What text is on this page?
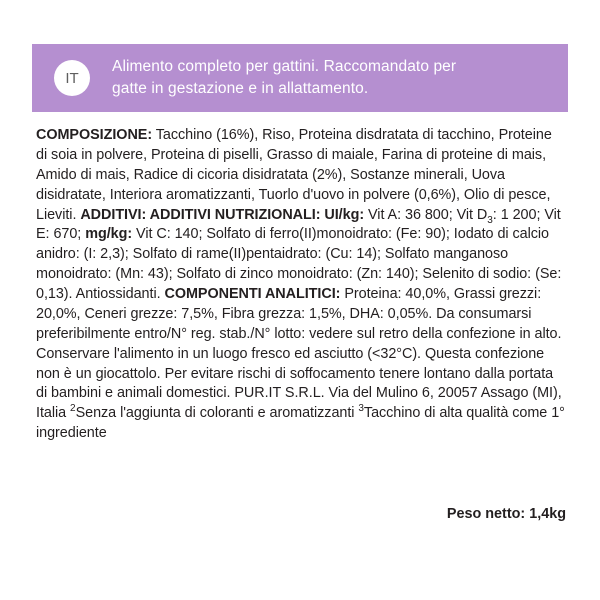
IT
Alimento completo per gattini. Raccomandato per
gatte in gestazione e in allattamento.
COMPOSIZIONE: Tacchino (16%), Riso, Proteina disdratata di tacchino, Proteine di soia in polvere, Proteina di piselli, Grasso di maiale, Farina di proteine di mais, Amido di mais, Radice di cicoria disidratata (2%), Sostanze minerali, Uova disidratate, Interiora aromatizzanti, Tuorlo d'uovo in polvere (0,6%), Olio di pesce, Lieviti. ADDITIVI: ADDITIVI NUTRIZIONALI: UI/kg: Vit A: 36 800; Vit $D_3$: 1 200; Vit E: 670; mg/kg: Vit C: 140; Solfato di ferro(II)monoidrato: (Fe: 90); Iodato di calcio anidro: (I: 2,3); Solfato di rame(II)pentaidrato: (Cu: 14); Solfato manganoso monoidrato: (Mn: 43); Solfato di zinco monoidrato: (Zn: 140); Selenito di sodio: (Se: 0,13). Antiossidanti. COMPONENTI ANALITICI: Proteina: 40,0%, Grassi grezzi: 20,0%, Ceneri grezze: 7,5%, Fibra grezza: 1,5%, DHA: 0,05%. Da consumarsi preferibilmente entro/N° reg. stab./N° lotto: vedere sul retro della confezione in alto. Conservare l'alimento in un luogo fresco ed asciutto (<32°C). Questa confezione non è un giocattolo. Per evitare rischi di soffocamento tenere lontano dalla portata di bambini e animali domestici. PUR.IT S.R.L. Via del Mulino 6, 20057 Assago (MI), Italia $^2$Senza l'aggiunta di coloranti e aromatizzanti $^3$Tacchino di alta qualità come 1° ingrediente
Peso netto: 1,4kg
